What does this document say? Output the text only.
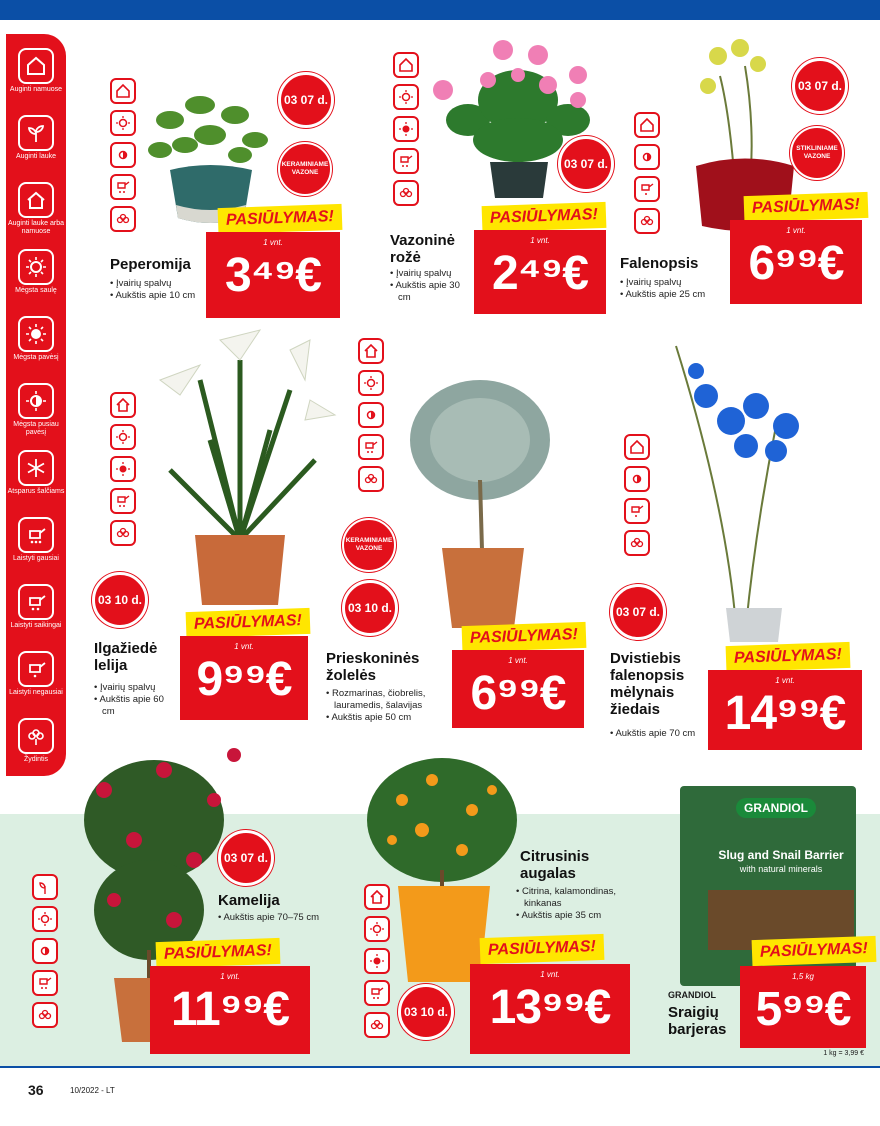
Auginti namuose
Auginti lauke
Auginti lauke arba namuose
Mėgsta saulę
Mėgsta pavėsį
Mėgsta pusiau pavėsį
Atsparus šalčiams
Laistyti gausiai
Laistyti saikingai
Laistyti negausiai
Žydintis
03 07 d.
KERAMINIAME VAZONE
PASIŪLYMAS!
1 vnt.
3⁴⁹€
Peperomija
• Įvairių spalvų
• Aukštis apie 10 cm
03 07 d.
PASIŪLYMAS!
1 vnt.
2⁴⁹€
Vazoninė rožė
• Įvairių spalvų
• Aukštis apie 30 cm
03 07 d.
STIKLINIAME VAZONE
PASIŪLYMAS!
1 vnt.
6⁹⁹€
Falenopsis
• Įvairių spalvų
• Aukštis apie 25 cm
03 10 d.
PASIŪLYMAS!
1 vnt.
9⁹⁹€
Ilgažiedė lelija
• Įvairių spalvų
• Aukštis apie 60 cm
KERAMINIAME VAZONE
03 10 d.
PASIŪLYMAS!
1 vnt.
6⁹⁹€
Prieskoninės žolelės
• Rozmarinas, čiobrelis, lauramedis, šalavijas
• Aukštis apie 50 cm
03 07 d.
PASIŪLYMAS!
1 vnt.
14⁹⁹€
Dvistiebis falenopsis mėlynais žiedais
• Aukštis apie 70 cm
03 07 d.
PASIŪLYMAS!
1 vnt.
11⁹⁹€
Kamelija
• Aukštis apie 70–75 cm
03 10 d.
PASIŪLYMAS!
1 vnt.
13⁹⁹€
Citrusinis augalas
• Citrina, kalamondinas, kinkanas
• Aukštis apie 35 cm
GRANDIOL
Slug and Snail Barrier
with natural minerals
PASIŪLYMAS!
1,5 kg
5⁹⁹€
GRANDIOL
Sraigių barjeras
1 kg = 3,99 €
36	10/2022 - LT
